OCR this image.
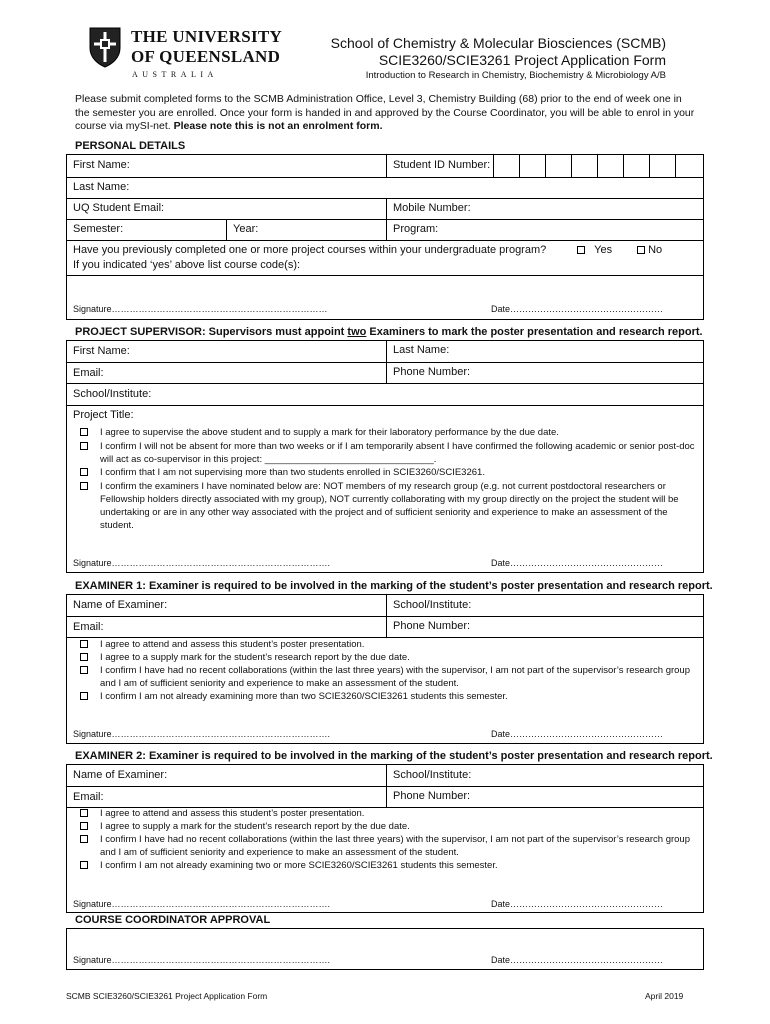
THE UNIVERSITY
OF QUEENSLAND
AUSTRALIA
School of Chemistry & Molecular Biosciences (SCMB)
SCIE3260/SCIE3261 Project Application Form
Introduction to Research in Chemistry, Biochemistry & Microbiology A/B
Please submit completed forms to the SCMB Administration Office, Level 3, Chemistry Building (68) prior to the end of week one in the semester you are enrolled. Once your form is handed in and approved by the Course Coordinator, you will be able to enrol in your course via mySI-net. Please note this is not an enrolment form.
PERSONAL DETAILS
First Name:	Student ID Number:
Last Name:
UQ Student Email:	Mobile Number:
Semester:	Year:	Program:
Have you previously completed one or more project courses within your undergraduate program?	Yes	No
If you indicated ‘yes’ above list course code(s):
Signature………………………………………………………………	Date……………………………………………
PROJECT SUPERVISOR: Supervisors must appoint two Examiners to mark the poster presentation and research report.
First Name:	Last Name:
Email:	Phone Number:
School/Institute:
Project Title:
Signature……………………………………………………………….	Date……………………………………………
I agree to supervise the above student and to supply a mark for their laboratory performance by the due date.
I confirm I will not be absent for more than two weeks or if I am temporarily absent I have confirmed the following academic or senior post-doc will act as co-supervisor in this project: ________________________________.
I confirm that I am not supervising more than two students enrolled in SCIE3260/SCIE3261.
I confirm the examiners I have nominated below are: NOT members of my research group (e.g. not current postdoctoral researchers or Fellowship holders directly associated with my group), NOT currently collaborating with my group directly on the project the student will be undertaking or are in any other way associated with the project and of sufficient seniority and experience to make an assessment of the student.
EXAMINER 1: Examiner is required to be involved in the marking of the student’s poster presentation and research report.
Name of Examiner:	School/Institute:
Email:	Phone Number:
Signature……………………………………………………………….	Date……………………………………………
I agree to attend and assess this student’s poster presentation.
I agree to a supply mark for the student’s research report by the due date.
I confirm I have had no recent collaborations (within the last three years) with the supervisor, I am not part of the supervisor’s research group and I am of sufficient seniority and experience to make an assessment of the student.
I confirm I am not already examining more than two SCIE3260/SCIE3261 students this semester.
EXAMINER 2: Examiner is required to be involved in the marking of the student’s poster presentation and research report.
Name of Examiner:	School/Institute:
Email:	Phone Number:
Signature……………………………………………………………….	Date……………………………………………
I agree to attend and assess this student’s poster presentation.
I agree to supply a mark for the student’s research report by the due date.
I confirm I have had no recent collaborations (within the last three years) with the supervisor, I am not part of the supervisor’s research group and I am of sufficient seniority and experience to make an assessment of the student.
I confirm I am not already examining two or more SCIE3260/SCIE3261 students this semester.
COURSE COORDINATOR APPROVAL
Signature……………………………………………………………….	Date……………………………………………
SCMB SCIE3260/SCIE3261 Project Application Form	April 2019
